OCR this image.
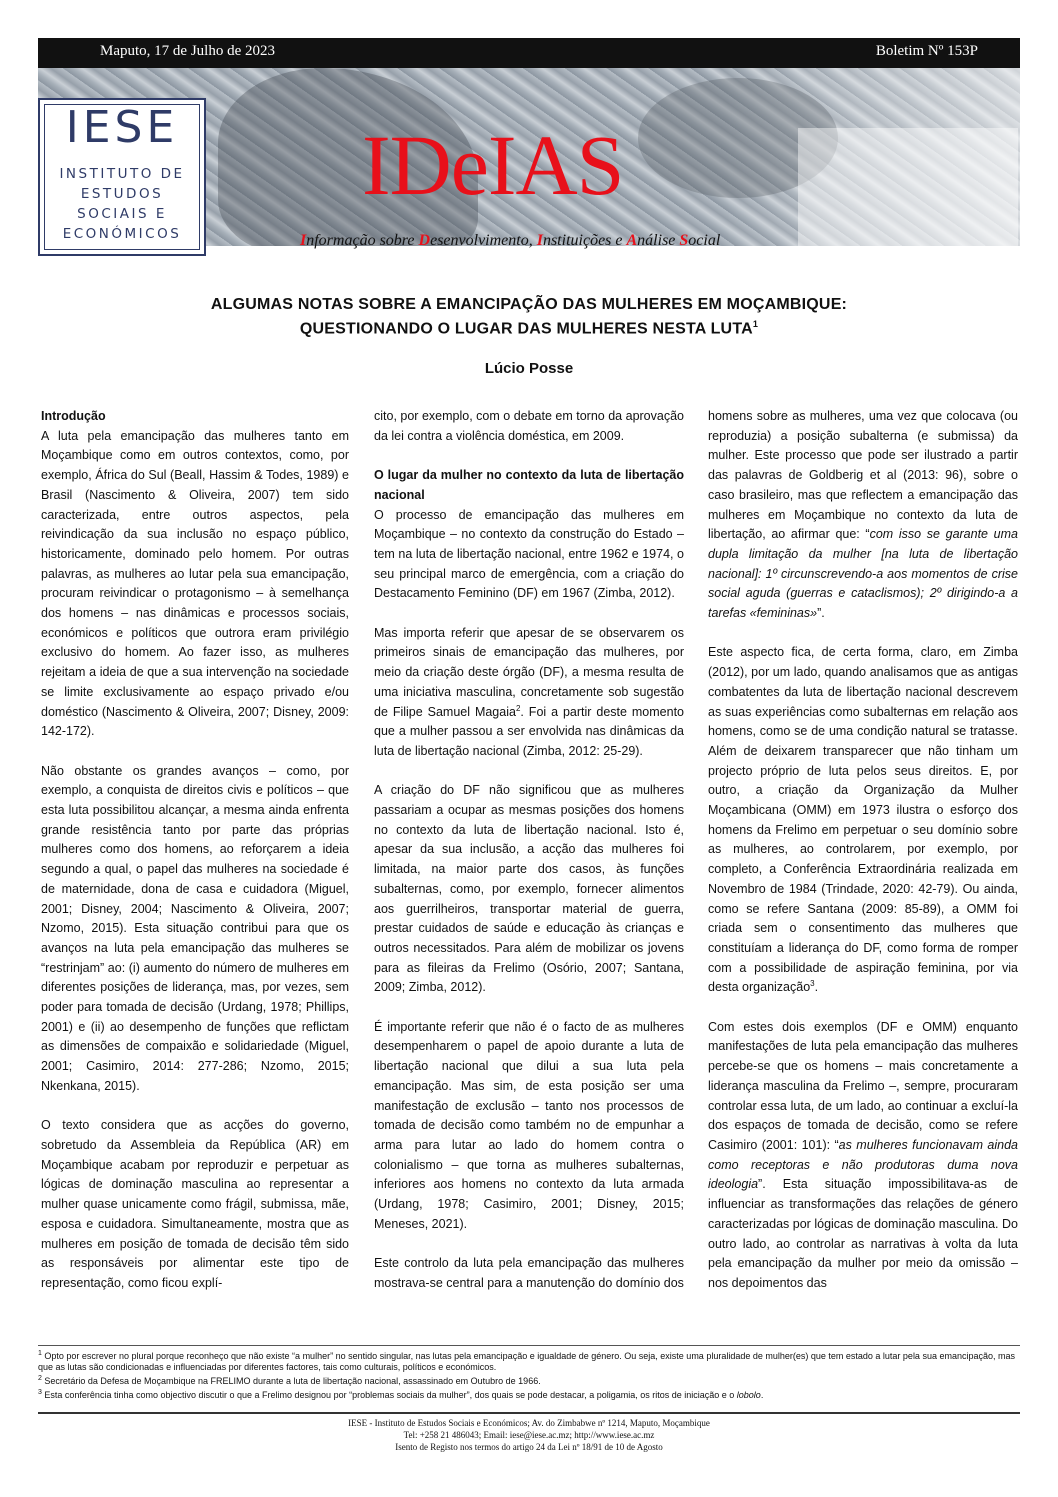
Maputo, 17 de Julho de 2023	Boletim Nº 153P
IESE
INSTITUTO DE
ESTUDOS
SOCIAIS E
ECONÓMICOS
IDeIAS
Informação sobre Desenvolvimento, Instituições e Análise Social
ALGUMAS NOTAS SOBRE A EMANCIPAÇÃO DAS MULHERES EM MOÇAMBIQUE:
QUESTIONANDO O LUGAR DAS MULHERES NESTA LUTA$^1$
Lúcio Posse

Introdução

A luta pela emancipação das mulheres tanto em Moçambique como em outros contextos, como, por exemplo, África do Sul (Beall, Hassim & Todes, 1989) e Brasil (Nascimento & Oliveira, 2007) tem sido caracterizada, entre outros aspectos, pela reivindicação da sua inclusão no espaço público, historicamente, dominado pelo homem. Por outras palavras, as mulheres ao lutar pela sua emancipação, procuram reivindicar o protagonismo – à semelhança dos homens – nas dinâmicas e processos sociais, económicos e políticos que outrora eram privilégio exclusivo do homem. Ao fazer isso, as mulheres rejeitam a ideia de que a sua intervenção na sociedade se limite exclusivamente ao espaço privado e/ou doméstico (Nascimento & Oliveira, 2007; Disney, 2009: 142-172).

Não obstante os grandes avanços – como, por exemplo, a conquista de direitos civis e políticos – que esta luta possibilitou alcançar, a mesma ainda enfrenta grande resistência tanto por parte das próprias mulheres como dos homens, ao reforçarem a ideia segundo a qual, o papel das mulheres na sociedade é de maternidade, dona de casa e cuidadora (Miguel, 2001; Disney, 2004; Nascimento & Oliveira, 2007; Nzomo, 2015). Esta situação contribui para que os avanços na luta pela emancipação das mulheres se “restrinjam” ao: (i) aumento do número de mulheres em diferentes posições de liderança, mas, por vezes, sem poder para tomada de decisão (Urdang, 1978; Phillips, 2001) e (ii) ao desempenho de funções que reflictam as dimensões de compaixão e solidariedade (Miguel, 2001; Casimiro, 2014: 277-286; Nzomo, 2015; Nkenkana, 2015).

O texto considera que as acções do governo, sobretudo da Assembleia da República (AR) em Moçambique acabam por reproduzir e perpetuar as lógicas de dominação masculina ao representar a mulher quase unicamente como frágil, submissa, mãe, esposa e cuidadora. Simultaneamente, mostra que as mulheres em posição de tomada de decisão têm sido as responsáveis por alimentar este tipo de representação, como ficou explí-

cito, por exemplo, com o debate em torno da aprovação da lei contra a violência doméstica, em 2009.

O lugar da mulher no contexto da luta de libertação nacional

O processo de emancipação das mulheres em Moçambique – no contexto da construção do Estado – tem na luta de libertação nacional, entre 1962 e 1974, o seu principal marco de emergência, com a criação do Destacamento Feminino (DF) em 1967 (Zimba, 2012).

Mas importa referir que apesar de se observarem os primeiros sinais de emancipação das mulheres, por meio da criação deste órgão (DF), a mesma resulta de uma iniciativa masculina, concretamente sob sugestão de Filipe Samuel Magaia$^2$. Foi a partir deste momento que a mulher passou a ser envolvida nas dinâmicas da luta de libertação nacional (Zimba, 2012: 25-29).

A criação do DF não significou que as mulheres passariam a ocupar as mesmas posições dos homens no contexto da luta de libertação nacional. Isto é, apesar da sua inclusão, a acção das mulheres foi limitada, na maior parte dos casos, às funções subalternas, como, por exemplo, fornecer alimentos aos guerrilheiros, transportar material de guerra, prestar cuidados de saúde e educação às crianças e outros necessitados. Para além de mobilizar os jovens para as fileiras da Frelimo (Osório, 2007; Santana, 2009; Zimba, 2012).

É importante referir que não é o facto de as mulheres desempenharem o papel de apoio durante a luta de libertação nacional que dilui a sua luta pela emancipação. Mas sim, de esta posição ser uma manifestação de exclusão – tanto nos processos de tomada de decisão como também no de empunhar a arma para lutar ao lado do homem contra o colonialismo – que torna as mulheres subalternas, inferiores aos homens no contexto da luta armada (Urdang, 1978; Casimiro, 2001; Disney, 2015; Meneses, 2021).

Este controlo da luta pela emancipação das mulheres mostrava-se central para a manutenção do domínio dos

homens sobre as mulheres, uma vez que colocava (ou reproduzia) a posição subalterna (e submissa) da mulher. Este processo que pode ser ilustrado a partir das palavras de Goldberig et al (2013: 96), sobre o caso brasileiro, mas que reflectem a emancipação das mulheres em Moçambique no contexto da luta de libertação, ao afirmar que: “com isso se garante uma dupla limitação da mulher [na luta de libertação nacional]: 1º circunscrevendo-a aos momentos de crise social aguda (guerras e cataclismos); 2º dirigindo-a a tarefas «femininas»”.

Este aspecto fica, de certa forma, claro, em Zimba (2012), por um lado, quando analisamos que as antigas combatentes da luta de libertação nacional descrevem as suas experiências como subalternas em relação aos homens, como se de uma condição natural se tratasse. Além de deixarem transparecer que não tinham um projecto próprio de luta pelos seus direitos. E, por outro, a criação da Organização da Mulher Moçambicana (OMM) em 1973 ilustra o esforço dos homens da Frelimo em perpetuar o seu domínio sobre as mulheres, ao controlarem, por exemplo, por completo, a Conferência Extraordinária realizada em Novembro de 1984 (Trindade, 2020: 42-79). Ou ainda, como se refere Santana (2009: 85-89), a OMM foi criada sem o consentimento das mulheres que constituíam a liderança do DF, como forma de romper com a possibilidade de aspiração feminina, por via desta organização$^3$.

Com estes dois exemplos (DF e OMM) enquanto manifestações de luta pela emancipação das mulheres percebe-se que os homens – mais concretamente a liderança masculina da Frelimo –, sempre, procuraram controlar essa luta, de um lado, ao continuar a excluí-la dos espaços de tomada de decisão, como se refere Casimiro (2001: 101): “as mulheres funcionavam ainda como receptoras e não produtoras duma nova ideologia”. Esta situação impossibilitava-as de influenciar as transformações das relações de género caracterizadas por lógicas de dominação masculina. Do outro lado, ao controlar as narrativas à volta da luta pela emancipação da mulher por meio da omissão – nos depoimentos das

$^1$ Opto por escrever no plural porque reconheço que não existe “a mulher” no sentido singular, nas lutas pela emancipação e igualdade de género. Ou seja, existe uma pluralidade de mulher(es) que tem estado a lutar pela sua emancipação, mas que as lutas são condicionadas e influenciadas por diferentes factores, tais como culturais, políticos e económicos.
$^2$ Secretário da Defesa de Moçambique na FRELIMO durante a luta de libertação nacional, assassinado em Outubro de 1966.
$^3$ Esta conferência tinha como objectivo discutir o que a Frelimo designou por “problemas sociais da mulher”, dos quais se pode destacar, a poligamia, os ritos de iniciação e o lobolo.
IESE - Instituto de Estudos Sociais e Económicos; Av. do Zimbabwe nº 1214, Maputo, Moçambique
Tel: +258 21 486043; Email: iese@iese.ac.mz; http://www.iese.ac.mz
Isento de Registo nos termos do artigo 24 da Lei nº 18/91 de 10 de Agosto
